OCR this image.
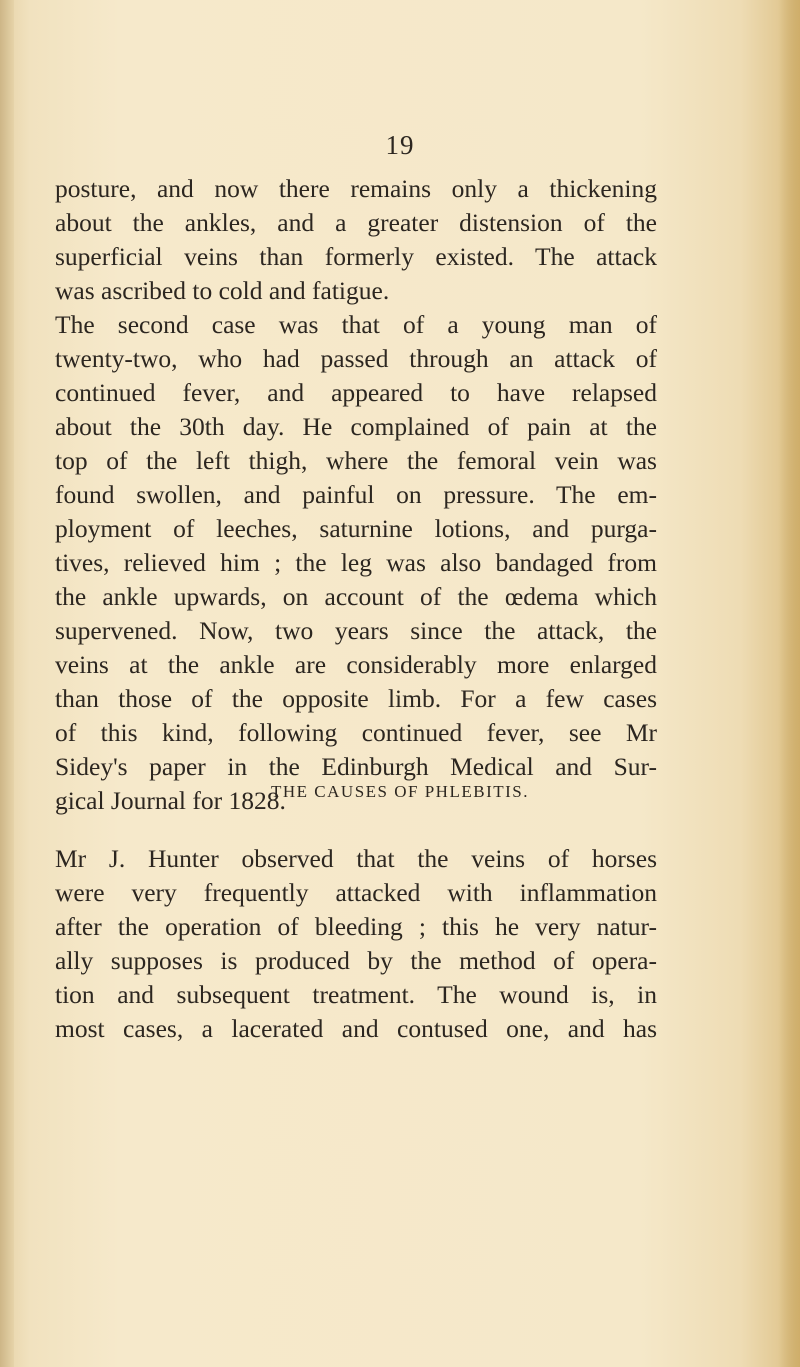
19
posture, and now there remains only a thickening
about the ankles, and a greater distension of the
superficial veins than formerly existed. The attack
was ascribed to cold and fatigue.
The second case was that of a young man of
twenty-two, who had passed through an attack of
continued fever, and appeared to have relapsed
about the 30th day. He complained of pain at the
top of the left thigh, where the femoral vein was
found swollen, and painful on pressure. The em-
ployment of leeches, saturnine lotions, and purga-
tives, relieved him ; the leg was also bandaged from
the ankle upwards, on account of the œdema which
supervened. Now, two years since the attack, the
veins at the ankle are considerably more enlarged
than those of the opposite limb. For a few cases
of this kind, following continued fever, see Mr
Sidey's paper in the Edinburgh Medical and Sur-
gical Journal for 1828.
THE CAUSES OF PHLEBITIS.
Mr J. Hunter observed that the veins of horses
were very frequently attacked with inflammation
after the operation of bleeding ; this he very natur-
ally supposes is produced by the method of opera-
tion and subsequent treatment. The wound is, in
most cases, a lacerated and contused one, and has
